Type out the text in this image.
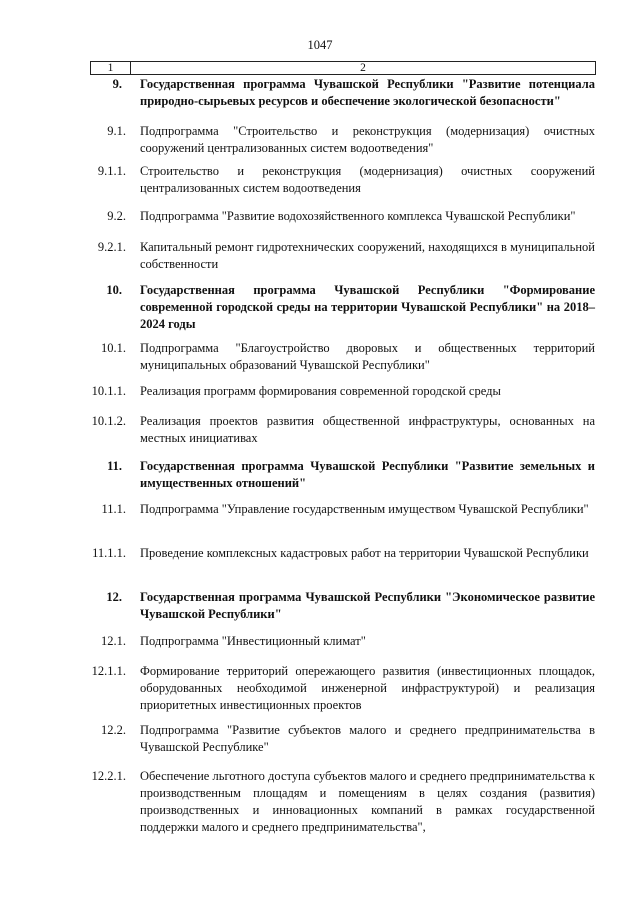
1047
1	2
9. Государственная программа Чувашской Республики "Развитие потенциала природно-сырьевых ресурсов и обеспечение экологической безопасности"
9.1. Подпрограмма "Строительство и реконструкция (модернизация) очистных сооружений централизованных систем водоотведения"
9.1.1. Строительство и реконструкция (модернизация) очистных сооружений централизованных систем водоотведения
9.2. Подпрограмма "Развитие водохозяйственного комплекса Чувашской Республики"
9.2.1. Капитальный ремонт гидротехнических сооружений, находящихся в муниципальной собственности
10. Государственная программа Чувашской Республики "Формирование современной городской среды на территории Чувашской Республики" на 2018–2024 годы
10.1. Подпрограмма "Благоустройство дворовых и общественных территорий муниципальных образований Чувашской Республики"
10.1.1. Реализация программ формирования современной городской среды
10.1.2. Реализация проектов развития общественной инфраструктуры, основанных на местных инициативах
11. Государственная программа Чувашской Республики "Развитие земельных и имущественных отношений"
11.1. Подпрограмма "Управление государственным имуществом Чувашской Республики"
11.1.1. Проведение комплексных кадастровых работ на территории Чувашской Республики
12. Государственная программа Чувашской Республики "Экономическое развитие Чувашской Республики"
12.1. Подпрограмма "Инвестиционный климат"
12.1.1. Формирование территорий опережающего развития (инвестиционных площадок, оборудованных необходимой инженерной инфраструктурой) и реализация приоритетных инвестиционных проектов
12.2. Подпрограмма "Развитие субъектов малого и среднего предпринимательства в Чувашской Республике"
12.2.1. Обеспечение льготного доступа субъектов малого и среднего предпринимательства к производственным площадям и помещениям в целях создания (развития) производственных и инновационных компаний в рамках государственной поддержки малого и среднего предпринимательства",
